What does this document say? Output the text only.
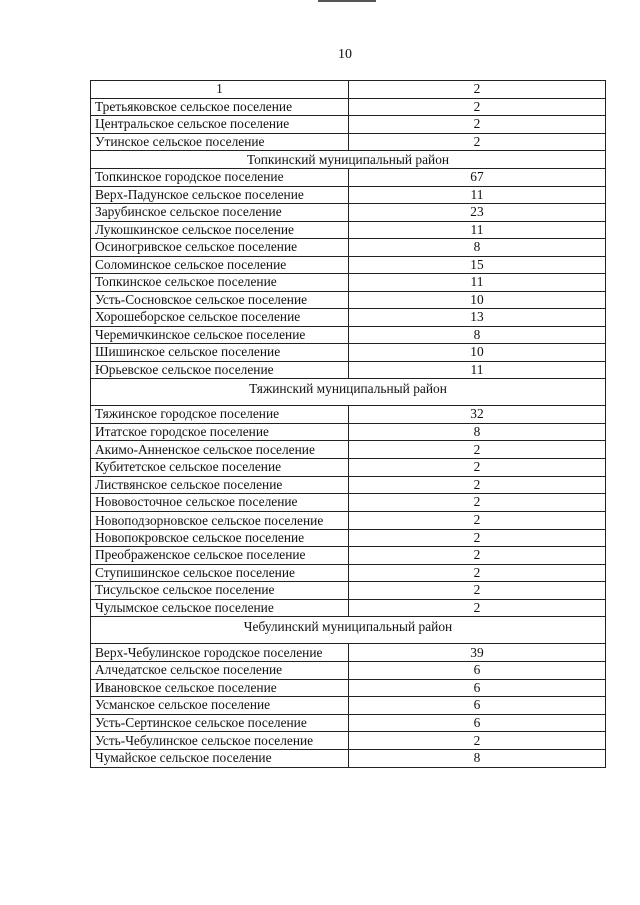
10
1	2
Третьяковское сельское поселение	2
Центральское сельское поселение	2
Утинское сельское поселение	2
Топкинский муниципальный район	
Топкинское городское поселение	67
Верх-Падунское сельское поселение	11
Зарубинское сельское поселение	23
Лукошкинское сельское поселение	11
Осиногривское сельское поселение	8
Соломинское сельское поселение	15
Топкинское сельское поселение	11
Усть-Сосновское сельское поселение	10
Хорошеборское сельское поселение	13
Черемичкинское сельское поселение	8
Шишинское сельское поселение	10
Юрьевское сельское поселение	11
Тяжинский муниципальный район	
Тяжинское городское поселение	32
Итатское городское поселение	8
Акимо-Анненское сельское поселение	2
Кубитетское сельское поселение	2
Листвянское сельское поселение	2
Нововосточное сельское поселение	2
Новоподзорновское сельское поселение	2
Новопокровское сельское поселение	2
Преображенское сельское поселение	2
Ступишинское сельское поселение	2
Тисульское сельское поселение	2
Чулымское сельское поселение	2
Чебулинский муниципальный район	
Верх-Чебулинское городское поселение	39
Алчедатское сельское поселение	6
Ивановское сельское поселение	6
Усманское сельское поселение	6
Усть-Сертинское сельское поселение	6
Усть-Чебулинское сельское поселение	2
Чумайское сельское поселение	8
